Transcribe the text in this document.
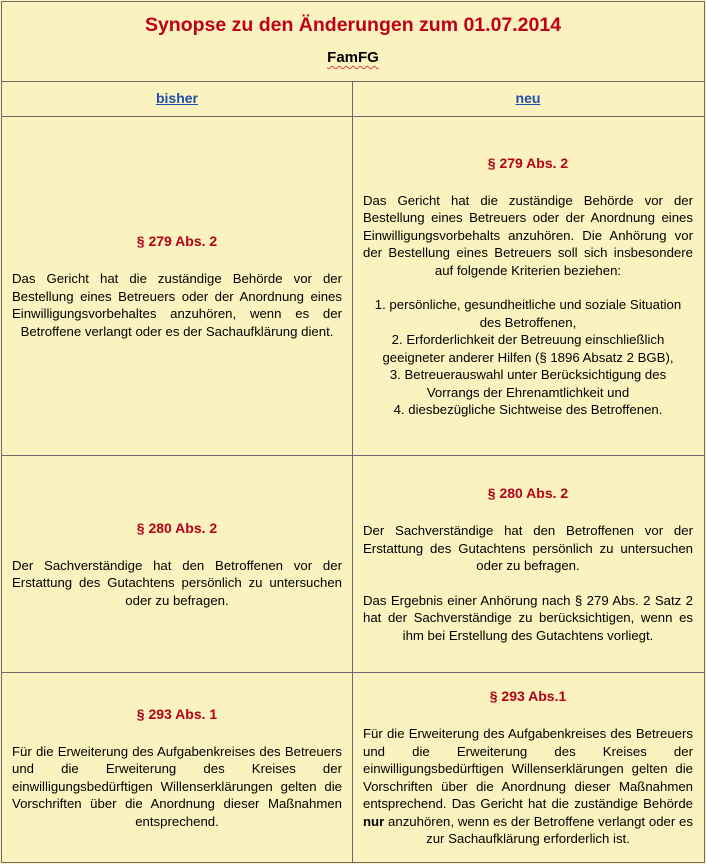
Synopse zu den Änderungen zum 01.07.2014
FamFG
bisher	neu
§ 279 Abs. 2
Das Gericht hat die zuständige Behörde vor der Bestellung eines Betreuers oder der Anordnung eines Einwilligungsvorbehaltes anzuhören, wenn es der Betroffene verlangt oder es der Sachaufklärung dient.
§ 279 Abs. 2
Das Gericht hat die zuständige Behörde vor der Bestellung eines Betreuers oder der Anordnung eines Einwilligungsvorbehalts anzuhören. Die Anhörung vor der Bestellung eines Betreuers soll sich insbesondere auf folgende Kriterien beziehen:
1. persönliche, gesundheitliche und soziale Situation des Betroffenen,
2. Erforderlichkeit der Betreuung einschließlich geeigneter anderer Hilfen (§ 1896 Absatz 2 BGB),
3. Betreuerauswahl unter Berücksichtigung des Vorrangs der Ehrenamtlichkeit und
4. diesbezügliche Sichtweise des Betroffenen.
§ 280 Abs. 2
Der Sachverständige hat den Betroffenen vor der Erstattung des Gutachtens persönlich zu untersuchen oder zu befragen.
§ 280 Abs. 2
Der Sachverständige hat den Betroffenen vor der Erstattung des Gutachtens persönlich zu untersuchen oder zu befragen.
Das Ergebnis einer Anhörung nach § 279 Abs. 2 Satz 2 hat der Sachverständige zu berücksichtigen, wenn es ihm bei Erstellung des Gutachtens vorliegt.
§ 293 Abs. 1
Für die Erweiterung des Aufgabenkreises des Betreuers und die Erweiterung des Kreises der einwilligungsbedürftigen Willenserklärungen gelten die Vorschriften über die Anordnung dieser Maßnahmen entsprechend.
§ 293 Abs.1
Für die Erweiterung des Aufgabenkreises des Betreuers und die Erweiterung des Kreises der einwilligungsbedürftigen Willenserklärungen gelten die Vorschriften über die Anordnung dieser Maßnahmen entsprechend. Das Gericht hat die zuständige Behörde nur anzuhören, wenn es der Betroffene verlangt oder es zur Sachaufklärung erforderlich ist.
